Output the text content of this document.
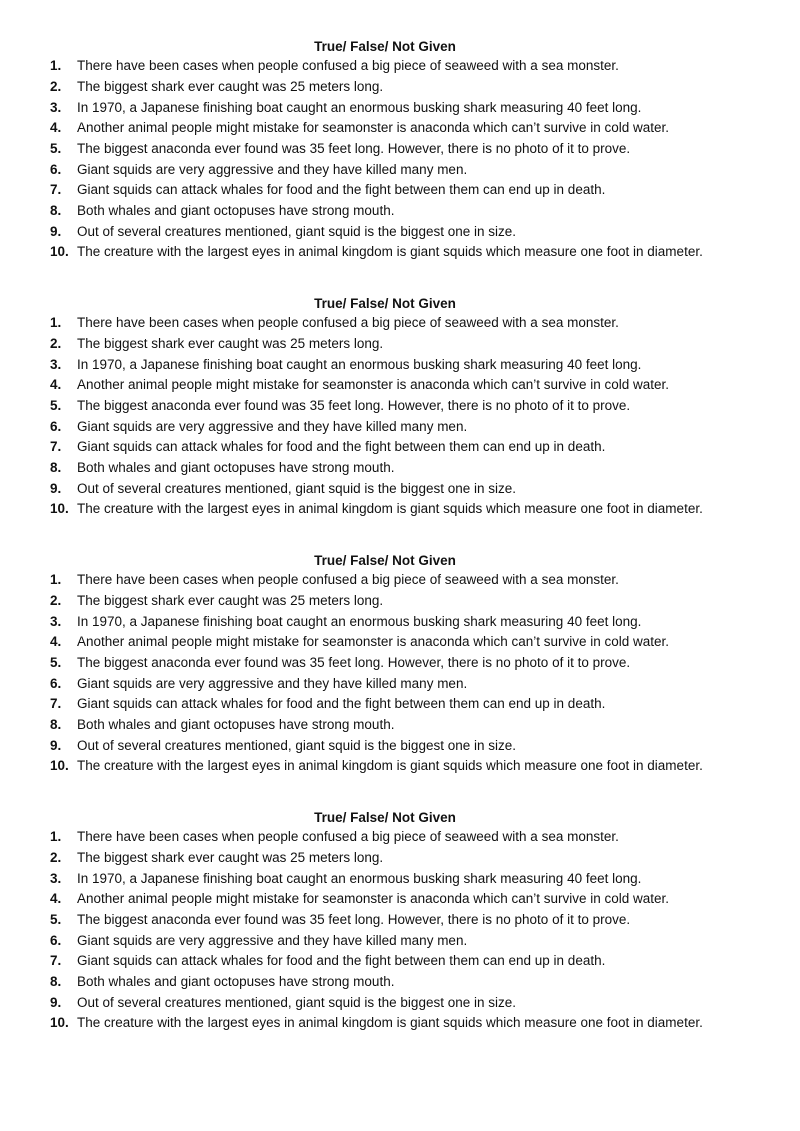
True/ False/ Not Given
1.	There have been cases when people confused a big piece of seaweed with a sea monster.
2.	The biggest shark ever caught was 25 meters long.
3.	In 1970, a Japanese finishing boat caught an enormous busking shark measuring 40 feet long.
4.	Another animal people might mistake for seamonster is anaconda which can’t survive in cold water.
5.	The biggest anaconda ever found was 35 feet long. However, there is no photo of it to prove.
6.	Giant squids are very aggressive and they have killed many men.
7.	Giant squids can attack whales for food and the fight between them can end up in death.
8.	Both whales and giant octopuses have strong mouth.
9.	Out of several creatures mentioned, giant squid is the biggest one in size.
10. The creature with the largest eyes in animal kingdom is giant squids which measure one foot in diameter.
True/ False/ Not Given
1.	There have been cases when people confused a big piece of seaweed with a sea monster.
2.	The biggest shark ever caught was 25 meters long.
3.	In 1970, a Japanese finishing boat caught an enormous busking shark measuring 40 feet long.
4.	Another animal people might mistake for seamonster is anaconda which can’t survive in cold water.
5.	The biggest anaconda ever found was 35 feet long. However, there is no photo of it to prove.
6.	Giant squids are very aggressive and they have killed many men.
7.	Giant squids can attack whales for food and the fight between them can end up in death.
8.	Both whales and giant octopuses have strong mouth.
9.	Out of several creatures mentioned, giant squid is the biggest one in size.
10. The creature with the largest eyes in animal kingdom is giant squids which measure one foot in diameter.
True/ False/ Not Given
1.	There have been cases when people confused a big piece of seaweed with a sea monster.
2.	The biggest shark ever caught was 25 meters long.
3.	In 1970, a Japanese finishing boat caught an enormous busking shark measuring 40 feet long.
4.	Another animal people might mistake for seamonster is anaconda which can’t survive in cold water.
5.	The biggest anaconda ever found was 35 feet long. However, there is no photo of it to prove.
6.	Giant squids are very aggressive and they have killed many men.
7.	Giant squids can attack whales for food and the fight between them can end up in death.
8.	Both whales and giant octopuses have strong mouth.
9.	Out of several creatures mentioned, giant squid is the biggest one in size.
10. The creature with the largest eyes in animal kingdom is giant squids which measure one foot in diameter.
True/ False/ Not Given
1.	There have been cases when people confused a big piece of seaweed with a sea monster.
2.	The biggest shark ever caught was 25 meters long.
3.	In 1970, a Japanese finishing boat caught an enormous busking shark measuring 40 feet long.
4.	Another animal people might mistake for seamonster is anaconda which can’t survive in cold water.
5.	The biggest anaconda ever found was 35 feet long. However, there is no photo of it to prove.
6.	Giant squids are very aggressive and they have killed many men.
7.	Giant squids can attack whales for food and the fight between them can end up in death.
8.	Both whales and giant octopuses have strong mouth.
9.	Out of several creatures mentioned, giant squid is the biggest one in size.
10. The creature with the largest eyes in animal kingdom is giant squids which measure one foot in diameter.
